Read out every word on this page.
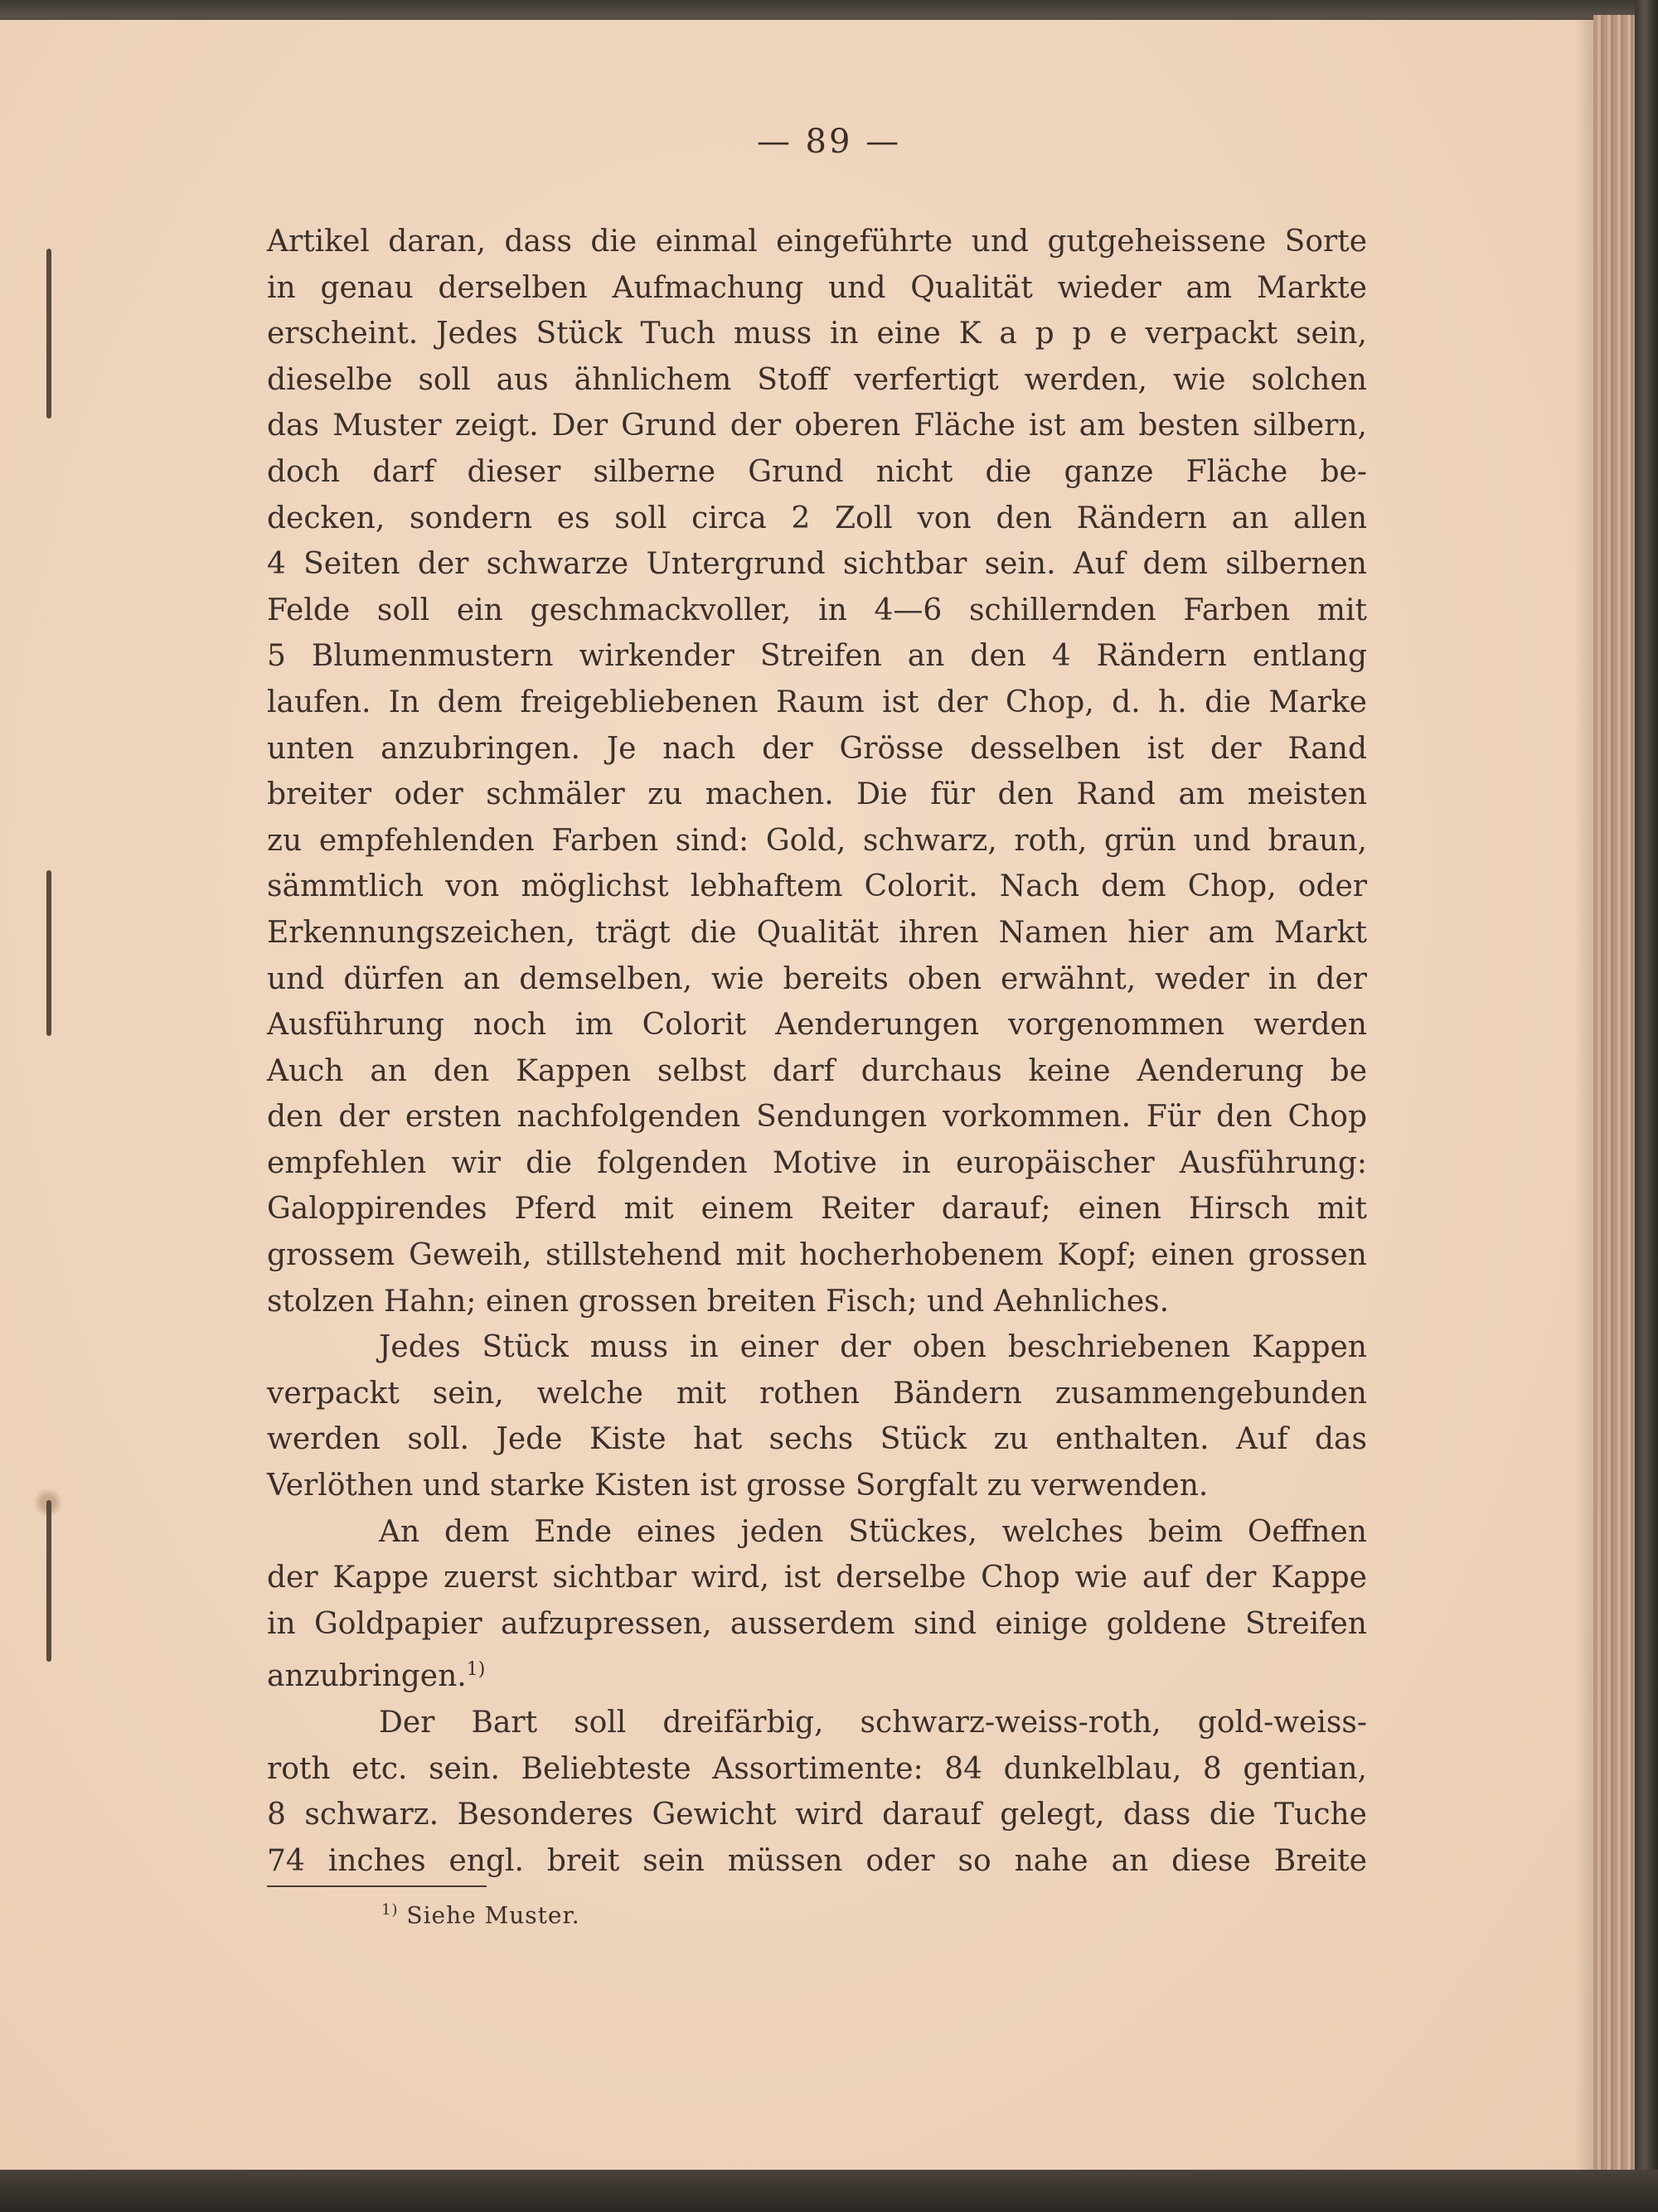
— 89 —
Artikel daran, dass die einmal eingeführte und gutgeheissene Sorte
in genau derselben Aufmachung und Qualität wieder am Markte
erscheint. Jedes Stück Tuch muss in eine K a p p e verpackt sein,
dieselbe soll aus ähnlichem Stoff verfertigt werden, wie solchen
das Muster zeigt. Der Grund der oberen Fläche ist am besten silbern,
doch darf dieser silberne Grund nicht die ganze Fläche be-
decken, sondern es soll circa 2 Zoll von den Rändern an allen
4 Seiten der schwarze Untergrund sichtbar sein. Auf dem silbernen
Felde soll ein geschmackvoller, in 4—6 schillernden Farben mit
5 Blumenmustern wirkender Streifen an den 4 Rändern entlang
laufen. In dem freigebliebenen Raum ist der Chop, d. h. die Marke
unten anzubringen. Je nach der Grösse desselben ist der Rand
breiter oder schmäler zu machen. Die für den Rand am meisten
zu empfehlenden Farben sind: Gold, schwarz, roth, grün und braun,
sämmtlich von möglichst lebhaftem Colorit. Nach dem Chop, oder
Erkennungszeichen, trägt die Qualität ihren Namen hier am Markt
und dürfen an demselben, wie bereits oben erwähnt, weder in der
Ausführung noch im Colorit Aenderungen vorgenommen werden
Auch an den Kappen selbst darf durchaus keine Aenderung be
den der ersten nachfolgenden Sendungen vorkommen. Für den Chop
empfehlen wir die folgenden Motive in europäischer Ausführung:
Galoppirendes Pferd mit einem Reiter darauf; einen Hirsch mit
grossem Geweih, stillstehend mit hocherhobenem Kopf; einen grossen
stolzen Hahn; einen grossen breiten Fisch; und Aehnliches.
Jedes Stück muss in einer der oben beschriebenen Kappen
verpackt sein, welche mit rothen Bändern zusammengebunden
werden soll. Jede Kiste hat sechs Stück zu enthalten. Auf das
Verlöthen und starke Kisten ist grosse Sorgfalt zu verwenden.
An dem Ende eines jeden Stückes, welches beim Oeffnen
der Kappe zuerst sichtbar wird, ist derselbe Chop wie auf der Kappe
in Goldpapier aufzupressen, ausserdem sind einige goldene Streifen
anzubringen.$^{1)}$
Der Bart soll dreifärbig, schwarz-weiss-roth, gold-weiss-
roth etc. sein. Beliebteste Assortimente: 84 dunkelblau, 8 gentian,
8 schwarz. Besonderes Gewicht wird darauf gelegt, dass die Tuche
74 inches engl. breit sein müssen oder so nahe an diese Breite
$^{1)}$ Siehe Muster.
